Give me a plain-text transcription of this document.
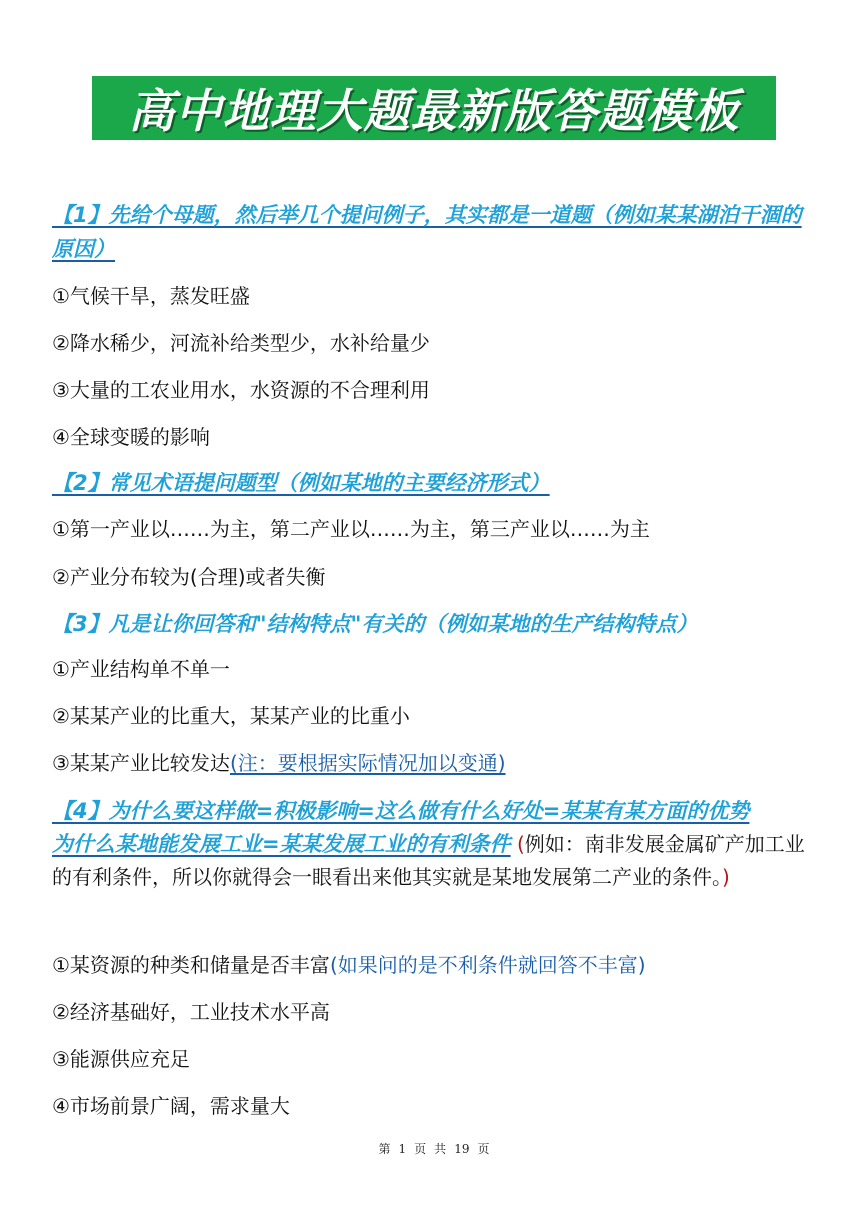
高中地理大题最新版答题模板

【1】先给个母题，然后举几个提问例子，其实都是一道题（例如某某湖泊干涸的原因）

①气候干旱，蒸发旺盛

②降水稀少，河流补给类型少，水补给量少

③大量的工农业用水，水资源的不合理利用

④全球变暖的影响

【2】常见术语提问题型（例如某地的主要经济形式）

①第一产业以……为主，第二产业以……为主，第三产业以……为主

②产业分布较为(合理)或者失衡

【3】凡是让你回答和"结构特点"有关的（例如某地的生产结构特点）

①产业结构单不单一

②某某产业的比重大，某某产业的比重小

③某某产业比较发达(注：要根据实际情况加以变通)

【4】为什么要这样做=积极影响=这么做有什么好处=某某有某方面的优势

为什么某地能发展工业=某某发展工业的有利条件 (例如：南非发展金属矿产加工业的有利条件，所以你就得会一眼看出来他其实就是某地发展第二产业的条件。)

①某资源的种类和储量是否丰富(如果问的是不利条件就回答不丰富)

②经济基础好，工业技术水平高

③能源供应充足

④市场前景广阔，需求量大

第 1 页 共 19 页
